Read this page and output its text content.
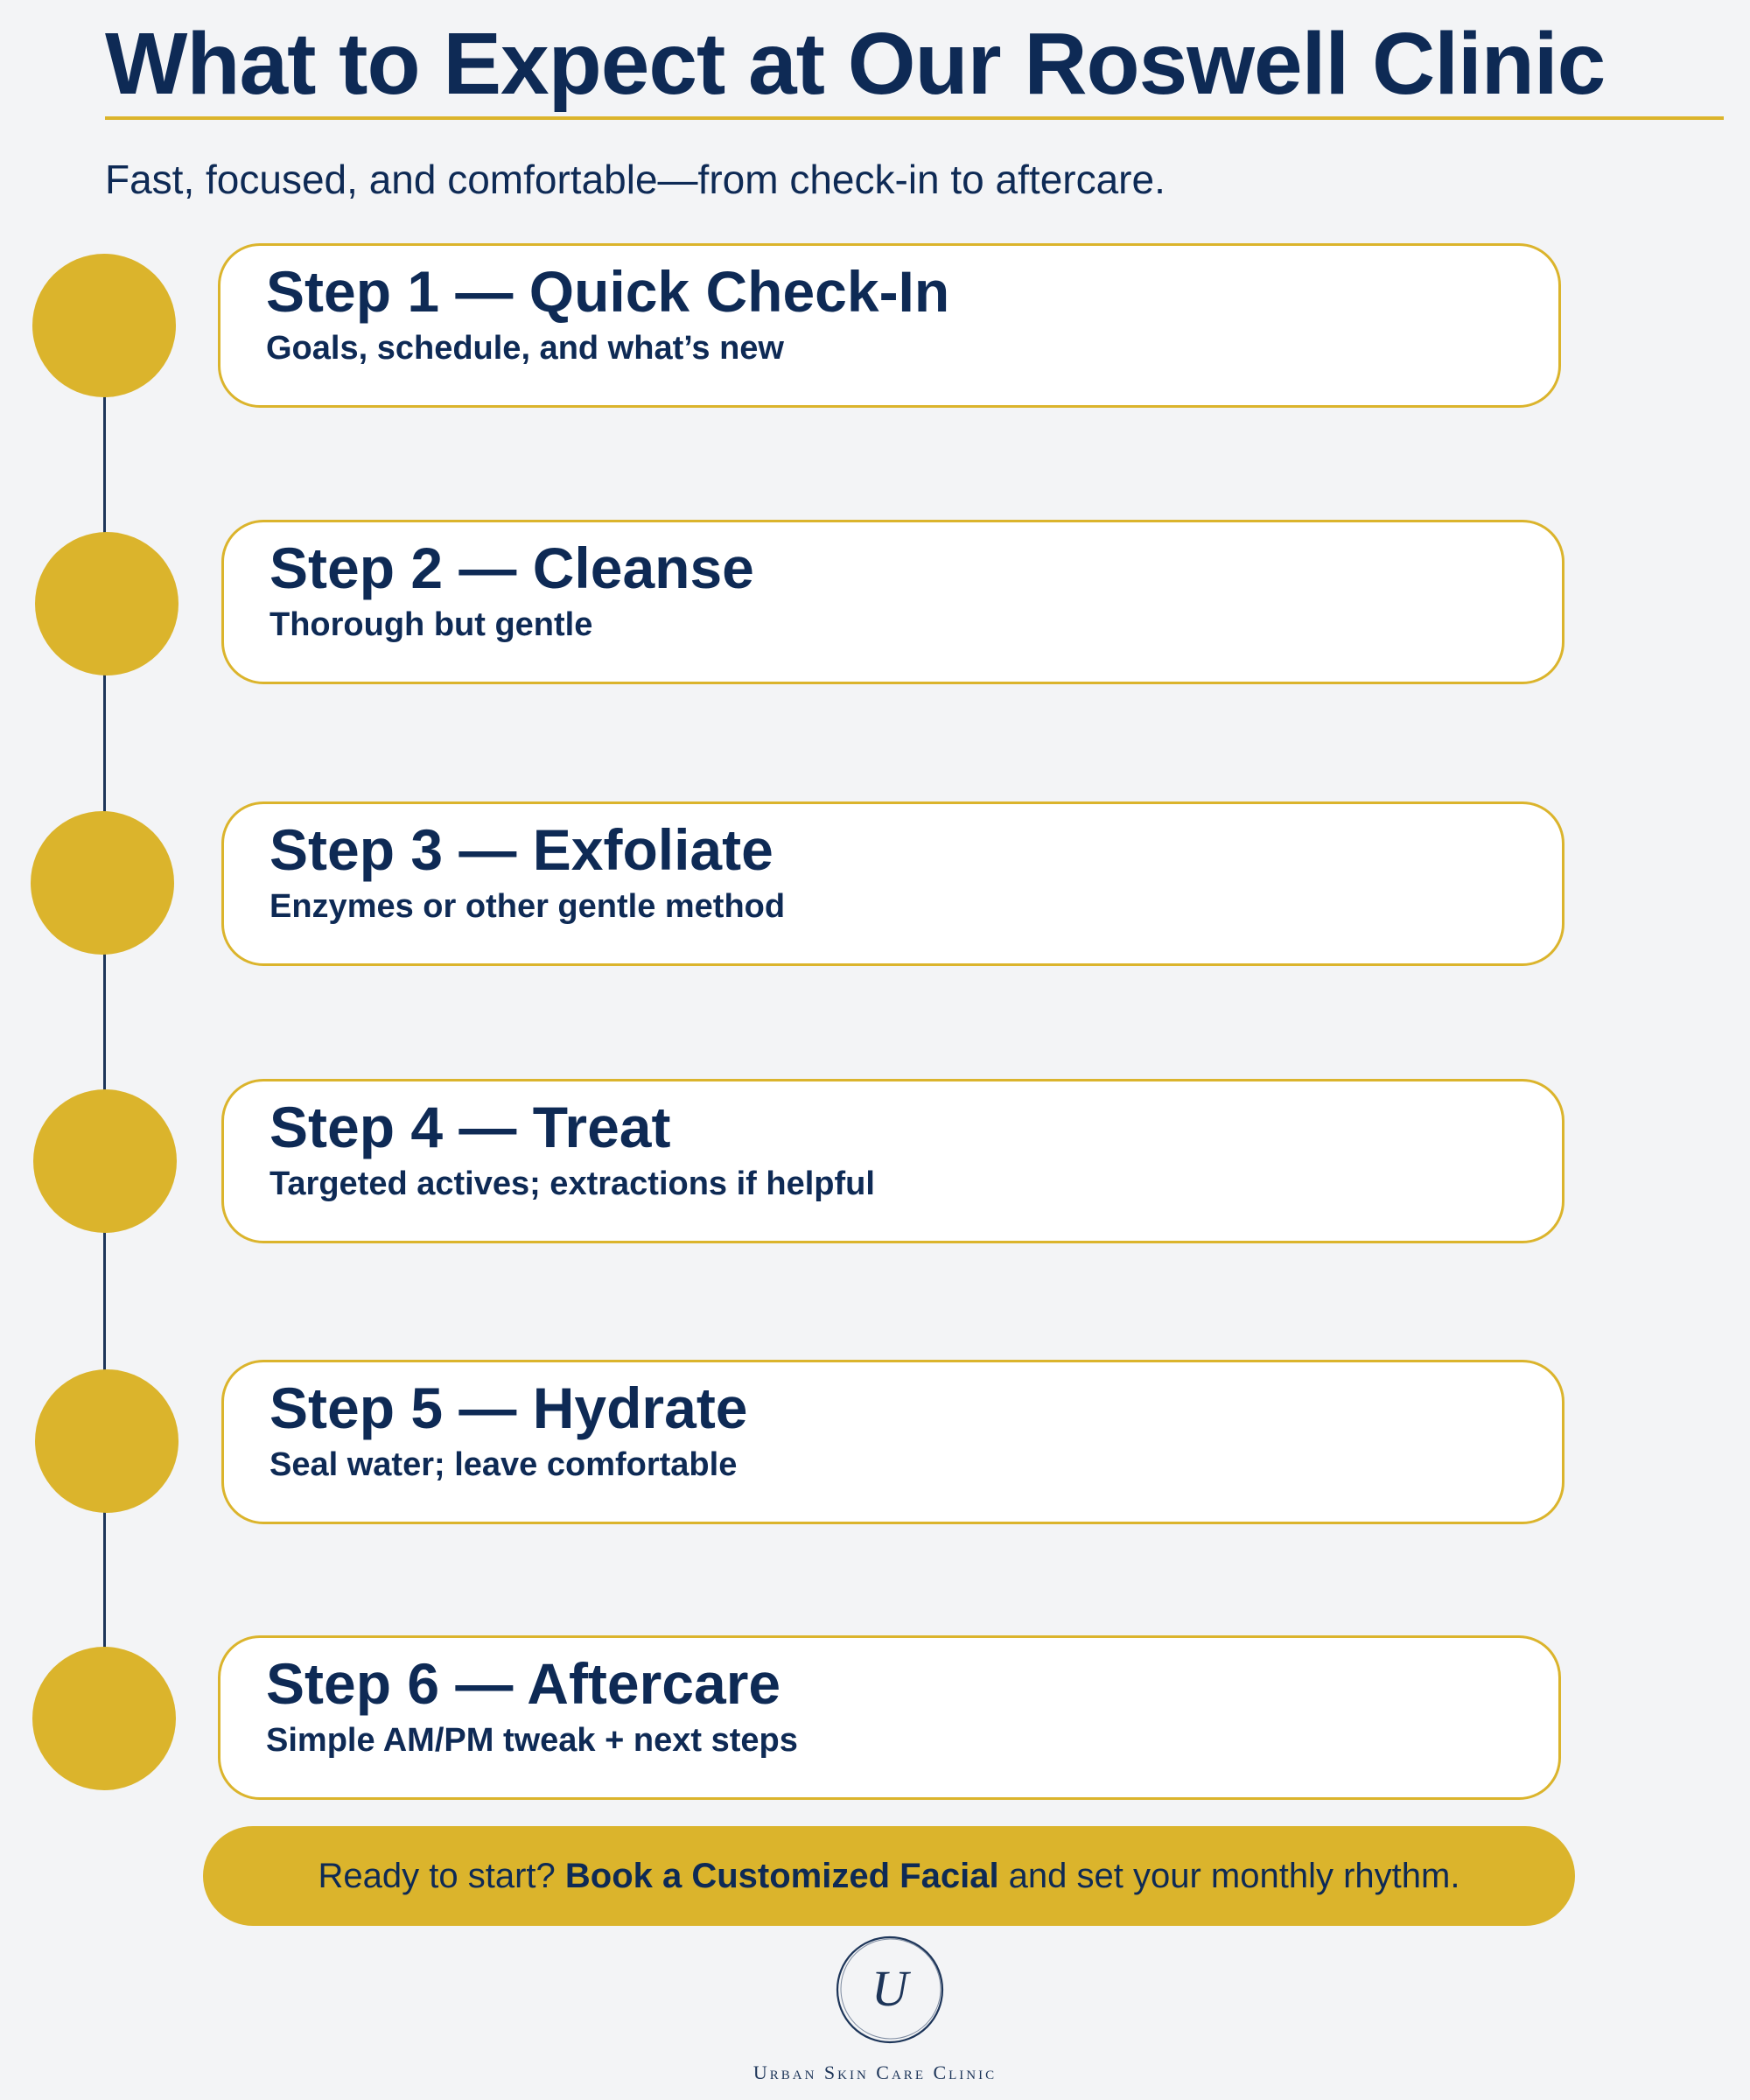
What to Expect at Our Roswell Clinic

Fast, focused, and comfortable—from check-in to aftercare.

Step 1 — Quick Check-In
Goals, schedule, and what’s new
Step 2 — Cleanse
Thorough but gentle
Step 3 — Exfoliate
Enzymes or other gentle method
Step 4 — Treat
Targeted actives; extractions if helpful
Step 5 — Hydrate
Seal water; leave comfortable
Step 6 — Aftercare
Simple AM/PM tweak + next steps
Ready to start? Book a Customized Facial and set your monthly rhythm.
U
Urban Skin Care Clinic
